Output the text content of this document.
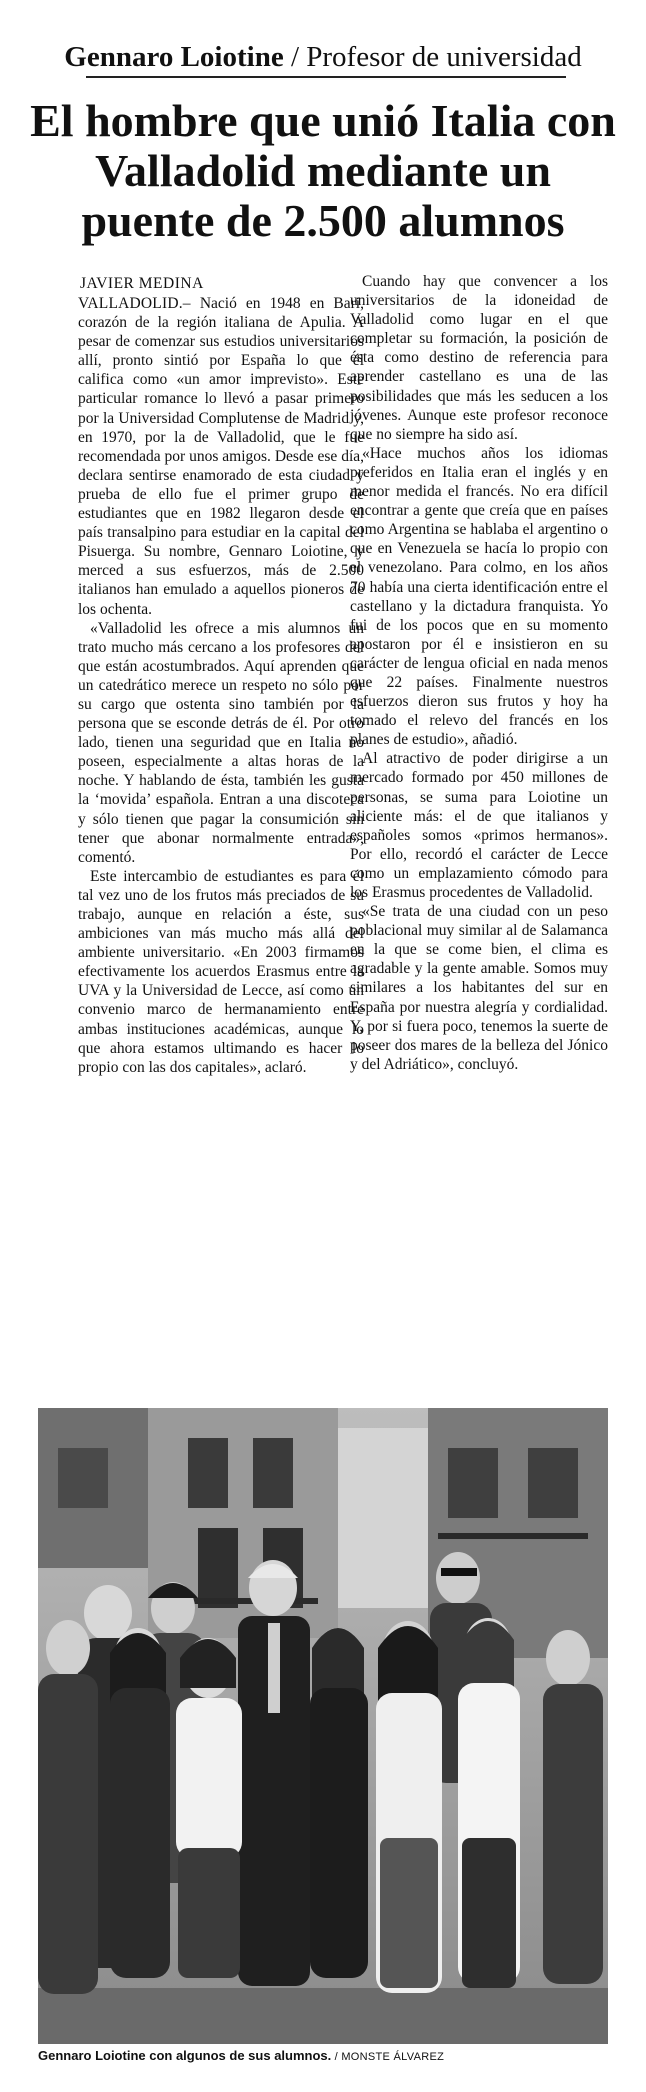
Gennaro Loiotine / Profesor de universidad
El hombre que unió Italia con
Valladolid mediante un
puente de 2.500 alumnos
JAVIER MEDINA

VALLADOLID.– Nació en 1948 en Bari, corazón de la región italiana de Apulia. A pesar de comenzar sus estudios universitarios allí, pronto sintió por España lo que él califica como «un amor imprevisto». Este particular romance lo llevó a pasar primero por la Universidad Complutense de Madrid y, en 1970, por la de Valladolid, que le fue recomendada por unos amigos. Desde ese día, declara sentirse enamorado de esta ciudad y prueba de ello fue el primer grupo de estudiantes que en 1982 llegaron desde el país transalpino para estudiar en la capital del Pisuerga. Su nombre, Gennaro Loiotine, y merced a sus esfuerzos, más de 2.500 italianos han emulado a aquellos pioneros de los ochenta.

«Valladolid les ofrece a mis alumnos un trato mucho más cercano a los profesores del que están acostumbrados. Aquí aprenden que un catedrático merece un respeto no sólo por su cargo que ostenta sino también por la persona que se esconde detrás de él. Por otro lado, tienen una seguridad que en Italia no poseen, especialmente a altas horas de la noche. Y hablando de ésta, también les gusta la ‘movida’ española. Entran a una discoteca y sólo tienen que pagar la consumición sin tener que abonar normalmente entrada», comentó.

Este intercambio de estudiantes es para él tal vez uno de los frutos más preciados de su trabajo, aunque en relación a éste, sus ambiciones van más mucho más allá del ambiente universitario. «En 2003 firmamos efectivamente los acuerdos Erasmus entre la UVA y la Universidad de Lecce, así como un convenio marco de hermanamiento entre ambas instituciones académicas, aunque lo que ahora estamos ultimando es hacer lo propio con las dos capitales», aclaró.

Cuando hay que convencer a los universitarios de la idoneidad de Valladolid como lugar en el que completar su formación, la posición de ésta como destino de referencia para aprender castellano es una de las posibilidades que más les seducen a los jóvenes. Aunque este profesor reconoce que no siempre ha sido así.

«Hace muchos años los idiomas preferidos en Italia eran el inglés y en menor medida el francés. No era difícil encontrar a gente que creía que en países como Argentina se hablaba el argentino o que en Venezuela se hacía lo propio con el venezolano. Para colmo, en los años 70 había una cierta identificación entre el castellano y la dictadura franquista. Yo fui de los pocos que en su momento apostaron por él e insistieron en su carácter de lengua oficial en nada menos que 22 países. Finalmente nuestros esfuerzos dieron sus frutos y hoy ha tomado el relevo del francés en los planes de estudio», añadió.

Al atractivo de poder dirigirse a un mercado formado por 450 millones de personas, se suma para Loiotine un aliciente más: el de que italianos y españoles somos «primos hermanos». Por ello, recordó el carácter de Lecce como un emplazamiento cómodo para los Erasmus procedentes de Valladolid.

«Se trata de una ciudad con un peso poblacional muy similar al de Salamanca en la que se come bien, el clima es agradable y la gente amable. Somos muy similares a los habitantes del sur en España por nuestra alegría y cordialidad. Y, por si fuera poco, tenemos la suerte de poseer dos mares de la belleza del Jónico y del Adriático», concluyó.

Gennaro Loiotine con algunos de sus alumnos. / MONSTE ÁLVAREZ
